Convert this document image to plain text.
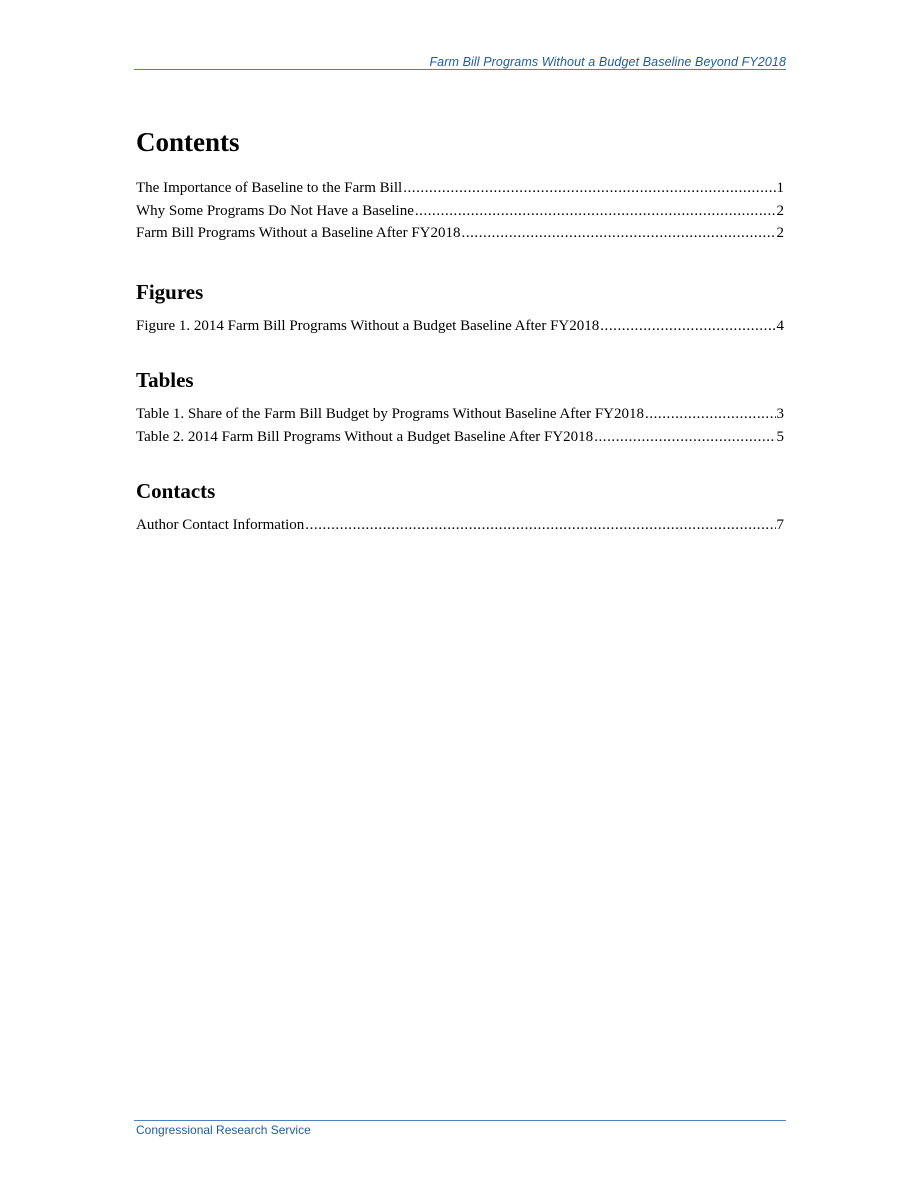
Farm Bill Programs Without a Budget Baseline Beyond FY2018
Contents
The Importance of Baseline to the Farm Bill . . .	1
Why Some Programs Do Not Have a Baseline . . .	2
Farm Bill Programs Without a Baseline After FY2018 . . .	2
Figures
Figure 1. 2014 Farm Bill Programs Without a Budget Baseline After FY2018 . . .	4
Tables
Table 1. Share of the Farm Bill Budget by Programs Without Baseline After FY2018 . . .	3
Table 2. 2014 Farm Bill Programs Without a Budget Baseline After FY2018 . . .	5
Contacts
Author Contact Information . . .	7
Congressional Research Service
